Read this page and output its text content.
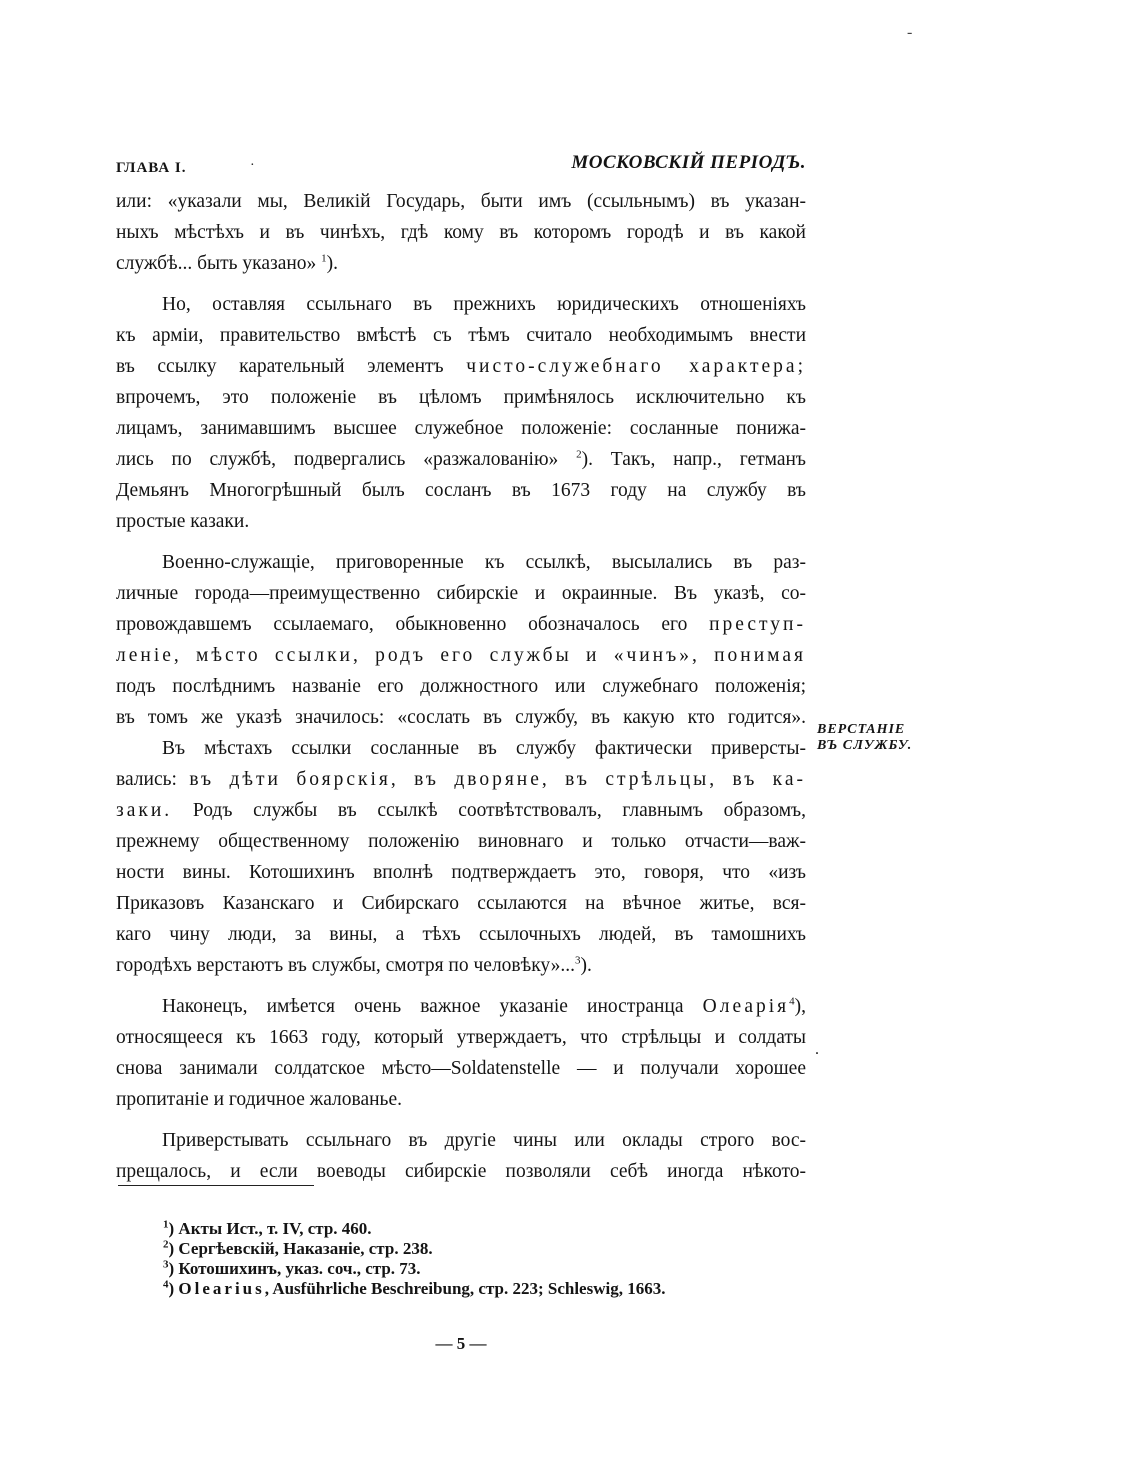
-
ГЛАВА I.	·	МОСКОВСКІЙ ПЕРІОДЪ.
или: «указали мы, Великій Государь, быти имъ (ссыльнымъ) въ указан-
ныхъ мѣстѣхъ и въ чинѣхъ, гдѣ кому въ которомъ городѣ и въ какой
службѣ... быть указано» $^1$).
Но, оставляя ссыльнаго въ прежнихъ юридическихъ отношеніяхъ
къ арміи, правительство вмѣстѣ съ тѣмъ считало необходимымъ внести
въ ссылку карательный элементъ чисто-служебнаго характера;
впрочемъ, это положеніе въ цѣломъ примѣнялось исключительно къ
лицамъ, занимавшимъ высшее служебное положеніе: сосланные понижа-
лись по службѣ, подвергались «разжалованію» $^2$). Такъ, напр., гетманъ
Демьянъ Многогрѣшный былъ сосланъ въ 1673 году на службу въ
простые казаки.
Военно-служащіе, приговоренные къ ссылкѣ, высылались въ раз-
личные города—преимущественно сибирскіе и окраинные. Въ указѣ, со-
провождавшемъ ссылаемаго, обыкновенно обозначалось его преступ-
леніе, мѣсто ссылки, родъ его службы и «чинъ», понимая
подъ послѣднимъ названіе его должностного или служебнаго положенія;
въ томъ же указѣ значилось: «сослать въ службу, въ какую кто годится».
Въ мѣстахъ ссылки сосланные въ службу фактически приверсты-
вались: въ дѣти боярскія, въ дворяне, въ стрѣльцы, въ ка-
заки. Родъ службы въ ссылкѣ соотвѣтствовалъ, главнымъ образомъ,
прежнему общественному положенію виновнаго и только отчасти—важ-
ности вины. Котошихинъ вполнѣ подтверждаетъ это, говоря, что «изъ
Приказовъ Казанскаго и Сибирскаго ссылаются на вѣчное житье, вся-
каго чину люди, за вины, а тѣхъ ссылочныхъ людей, въ тамошнихъ
городѣхъ верстаютъ въ службы, смотря по человѣку»...$^3$).
Наконецъ, имѣется очень важное указаніе иностранца Олеарія$^4$),
относящееся къ 1663 году, который утверждаетъ, что стрѣльцы и солдаты
снова занимали солдатское мѣсто—Soldatenstelle — и получали хорошее
пропитаніе и годичное жалованье.
Приверстывать ссыльнаго въ другіе чины или оклады строго вос-
прещалось, и если воеводы сибирскіе позволяли себѣ иногда нѣкото-
ВЕРСТАНІЕ
ВЪ СЛУЖБУ.
.
$^1$) Акты Ист., т. IV, стр. 460.
$^2$) Сергѣевскій, Наказаніе, стр. 238.
$^3$) Котошихинъ, указ. соч., стр. 73.
$^4$) Olearius, Ausführliche Beschreibung, стр. 223; Schleswig, 1663.
— 5 —
